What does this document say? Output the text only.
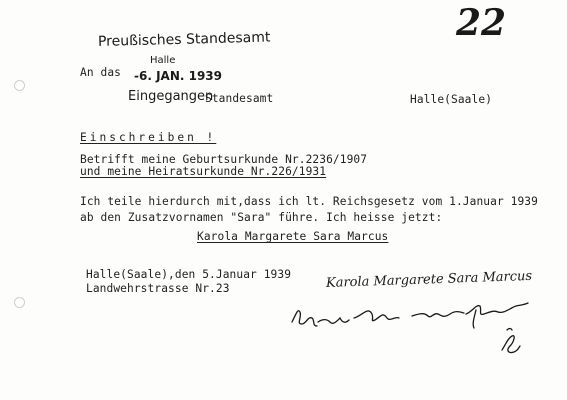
Preußisches Standesamt
Halle
-6. JAN. 1939
Eingegangen
22
An das
Standesamt	Halle(Saale)
Einschreiben !
Betrifft meine Geburtsurkunde Nr.2236/1907
und meine Heiratsurkunde Nr.226/1931
Ich teile hierdurch mit,dass ich lt. Reichsgesetz vom 1.Januar 1939
ab den Zusatzvornamen "Sara" führe. Ich heisse jetzt:
Karola Margarete Sara Marcus
Halle(Saale),den 5.Januar 1939
Landwehrstrasse Nr.23	Karola Margarete Sara Marcus
